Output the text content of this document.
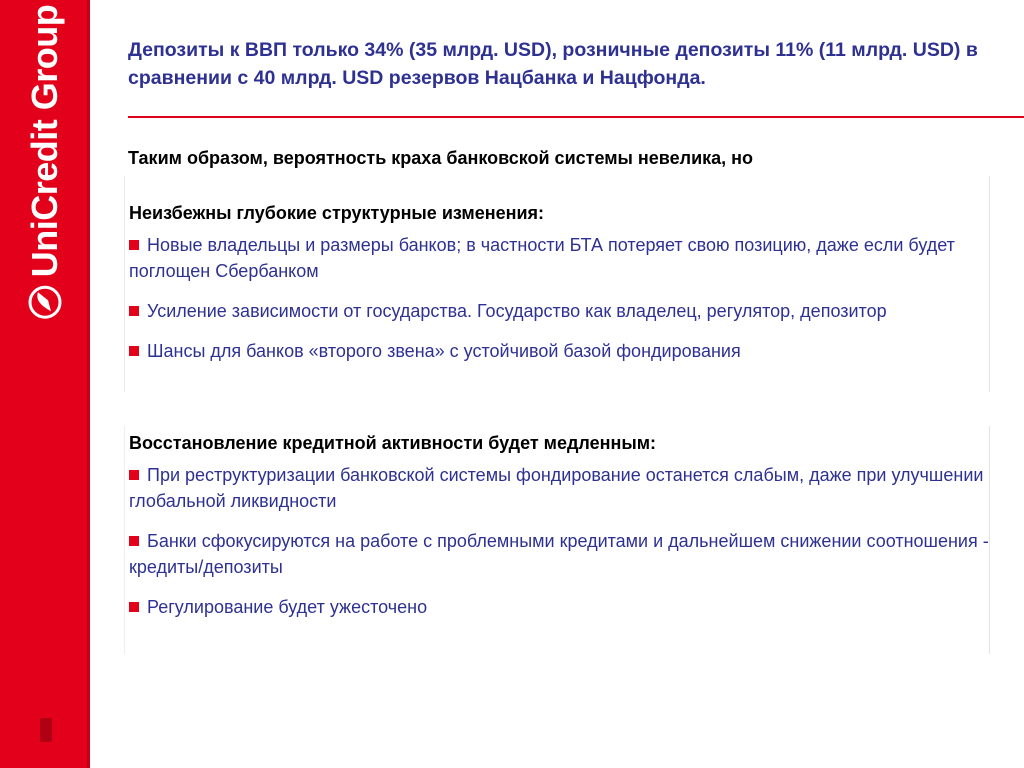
UniCredit Group	Депозиты к ВВП только 34% (35 млрд. USD), розничные депозиты 11% (11 млрд. USD) в сравнении с 40 млрд. USD резервов Нацбанка и Нацфонда.

Таким образом, вероятность краха банковской системы невелика, но

Неизбежны глубокие структурные изменения:

Новые владельцы и размеры банков; в частности БТА потеряет свою позицию, даже если будет поглощен Сбербанком
Усиление зависимости от государства. Государство как владелец, регулятор, депозитор
Шансы для банков «второго звена» с устойчивой базой фондирования

Восстановление кредитной активности будет медленным:

При реструктуризации банковской системы фондирование останется слабым, даже при улучшении глобальной ликвидности
Банки сфокусируются на работе с проблемными кредитами и дальнейшем снижении соотношения - кредиты/депозиты
Регулирование будет ужесточено
